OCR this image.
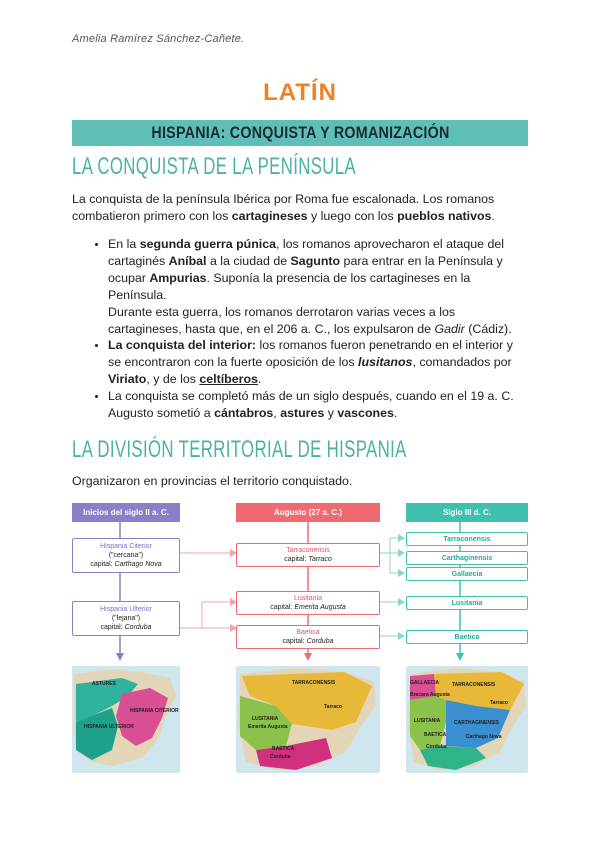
Amelia Ramírez Sánchez-Cañete.
LATÍN
HISPANIA: CONQUISTA Y ROMANIZACIÓN
LA CONQUISTA DE LA PENÍNSULA
La conquista de la península Ibérica por Roma fue escalonada. Los romanos combatieron primero con los cartagineses y luego con los pueblos nativos.
• En la segunda guerra púnica, los romanos aprovecharon el ataque del cartaginés Aníbal a la ciudad de Sagunto para entrar en la Península y ocupar Ampurias. Suponía la presencia de los cartagineses en la Península.
Durante esta guerra, los romanos derrotaron varias veces a los cartagineses, hasta que, en el 206 a. C., los expulsaron de Gadir (Cádiz).
• La conquista del interior: los romanos fueron penetrando en el interior y se encontraron con la fuerte oposición de los lusitanos, comandados por Viriato, y de los celtíberos.
• La conquista se completó más de un siglo después, cuando en el 19 a. C. Augusto sometió a cántabros, astures y vascones.
LA DIVISIÓN TERRITORIAL DE HISPANIA
Organizaron en provincias el territorio conquistado.
Inicios del siglo II a. C.	Augusto (27 a. C.)	Siglo III d. C.
Hispania Citerior
("cercana")
capital: Carthago Nova
Hispania Ulterior
("lejana")
capital: Corduba
Tarraconensis
capital: Tarraco
Lusitania
capital: Emerita Augusta
Baetica
capital: Corduba
Tarraconensis
Carthaginensis
Gallaecia
Lusitania
Baetica
ASTURES
HISPANIA CITERIOR
HISPANIA ULTERIOR
TARRACONENSIS
Tarraco
LUSITANIA
Emerita Augusta
BAETICA
Corduba
GALLAECIA	TARRACONENSIS
Bracara Augusta
Tarraco
LUSITANIA	CARTHAGINENSIS
BAETICA	Carthago Nova
Corduba
